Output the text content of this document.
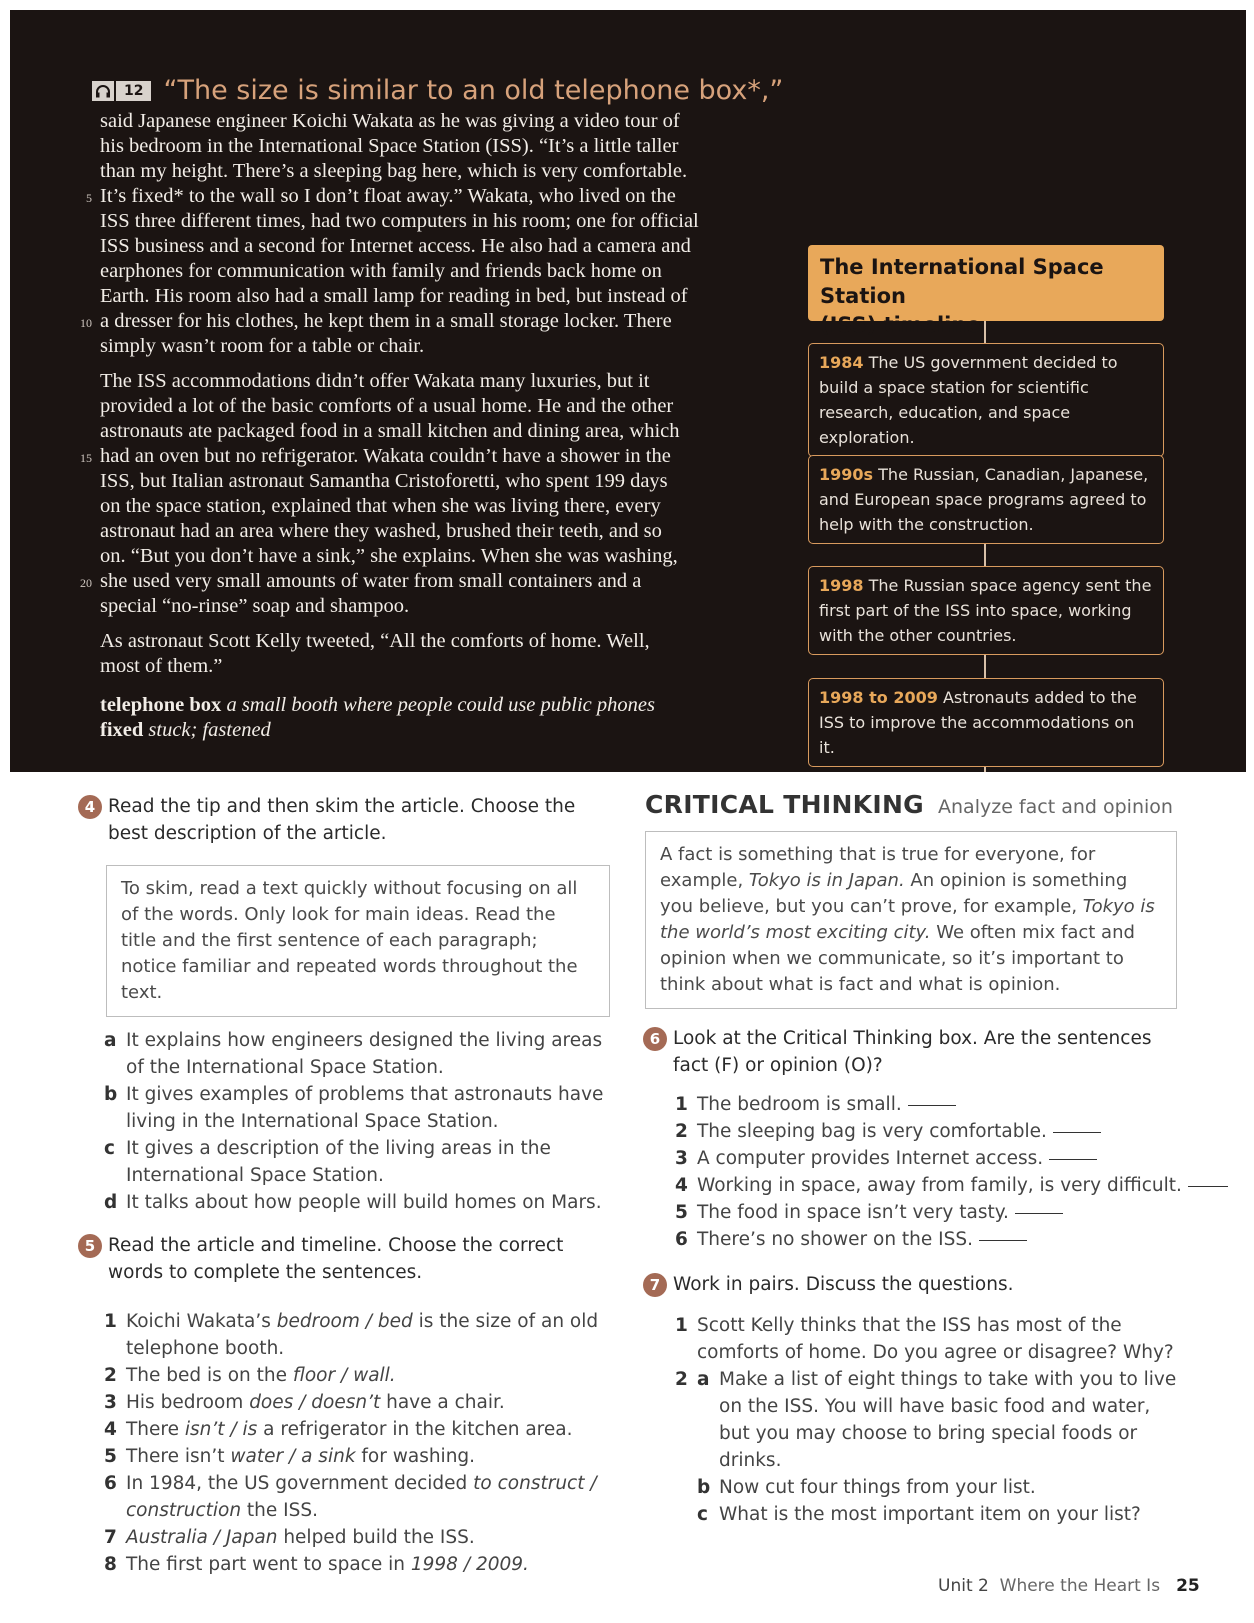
12 “The size is similar to an old telephone box*,”
said Japanese engineer Koichi Wakata as he was giving a video tour of
his bedroom in the International Space Station (ISS). “It’s a little taller
than my height. There’s a sleeping bag here, which is very comfortable.
5 It’s fixed* to the wall so I don’t float away.” Wakata, who lived on the
ISS three different times, had two computers in his room; one for official
ISS business and a second for Internet access. He also had a camera and
earphones for communication with family and friends back home on
Earth. His room also had a small lamp for reading in bed, but instead of
10 a dresser for his clothes, he kept them in a small storage locker. There
simply wasn’t room for a table or chair.
The ISS accommodations didn’t offer Wakata many luxuries, but it
provided a lot of the basic comforts of a usual home. He and the other
astronauts ate packaged food in a small kitchen and dining area, which
15 had an oven but no refrigerator. Wakata couldn’t have a shower in the
ISS, but Italian astronaut Samantha Cristoforetti, who spent 199 days
on the space station, explained that when she was living there, every
astronaut had an area where they washed, brushed their teeth, and so
on. “But you don’t have a sink,” she explains. When she was washing,
20 she used very small amounts of water from small containers and a
special “no-rinse” soap and shampoo.
As astronaut Scott Kelly tweeted, “All the comforts of home. Well,
most of them.”
telephone box a small booth where people could use public phones
fixed stuck; fastened
The International Space Station
(ISS) timeline
1984 The US government decided to build a space station for scientific research, education, and space exploration.
1990s The Russian, Canadian, Japanese, and European space programs agreed to help with the construction.
1998 The Russian space agency sent the first part of the ISS into space, working with the other countries.
1998 to 2009 Astronauts added to the ISS to improve the accommodations on it.
4 Read the tip and then skim the article. Choose the best description of the article.
To skim, read a text quickly without focusing on all of the words. Only look for main ideas. Read the title and the first sentence of each paragraph; notice familiar and repeated words throughout the text.
a It explains how engineers designed the living areas of the International Space Station.
b It gives examples of problems that astronauts have living in the International Space Station.
c It gives a description of the living areas in the International Space Station.
d It talks about how people will build homes on Mars.
5 Read the article and timeline. Choose the correct words to complete the sentences.
1 Koichi Wakata’s bedroom / bed is the size of an old telephone booth.
2 The bed is on the floor / wall.
3 His bedroom does / doesn’t have a chair.
4 There isn’t / is a refrigerator in the kitchen area.
5 There isn’t water / a sink for washing.
6 In 1984, the US government decided to construct / construction the ISS.
7 Australia / Japan helped build the ISS.
8 The first part went to space in 1998 / 2009.
CRITICAL THINKING Analyze fact and opinion
A fact is something that is true for everyone, for example, Tokyo is in Japan. An opinion is something you believe, but you can’t prove, for example, Tokyo is the world’s most exciting city. We often mix fact and opinion when we communicate, so it’s important to think about what is fact and what is opinion.
6 Look at the Critical Thinking box. Are the sentences fact (F) or opinion (O)?
1 The bedroom is small.
2 The sleeping bag is very comfortable.
3 A computer provides Internet access.
4 Working in space, away from family, is very difficult.
5 The food in space isn’t very tasty.
6 There’s no shower on the ISS.
7 Work in pairs. Discuss the questions.
1 Scott Kelly thinks that the ISS has most of the comforts of home. Do you agree or disagree? Why?
2 a Make a list of eight things to take with you to live on the ISS. You will have basic food and water, but you may choose to bring special foods or drinks.
b Now cut four things from your list.
c What is the most important item on your list?
Unit 2 Where the Heart Is 25
